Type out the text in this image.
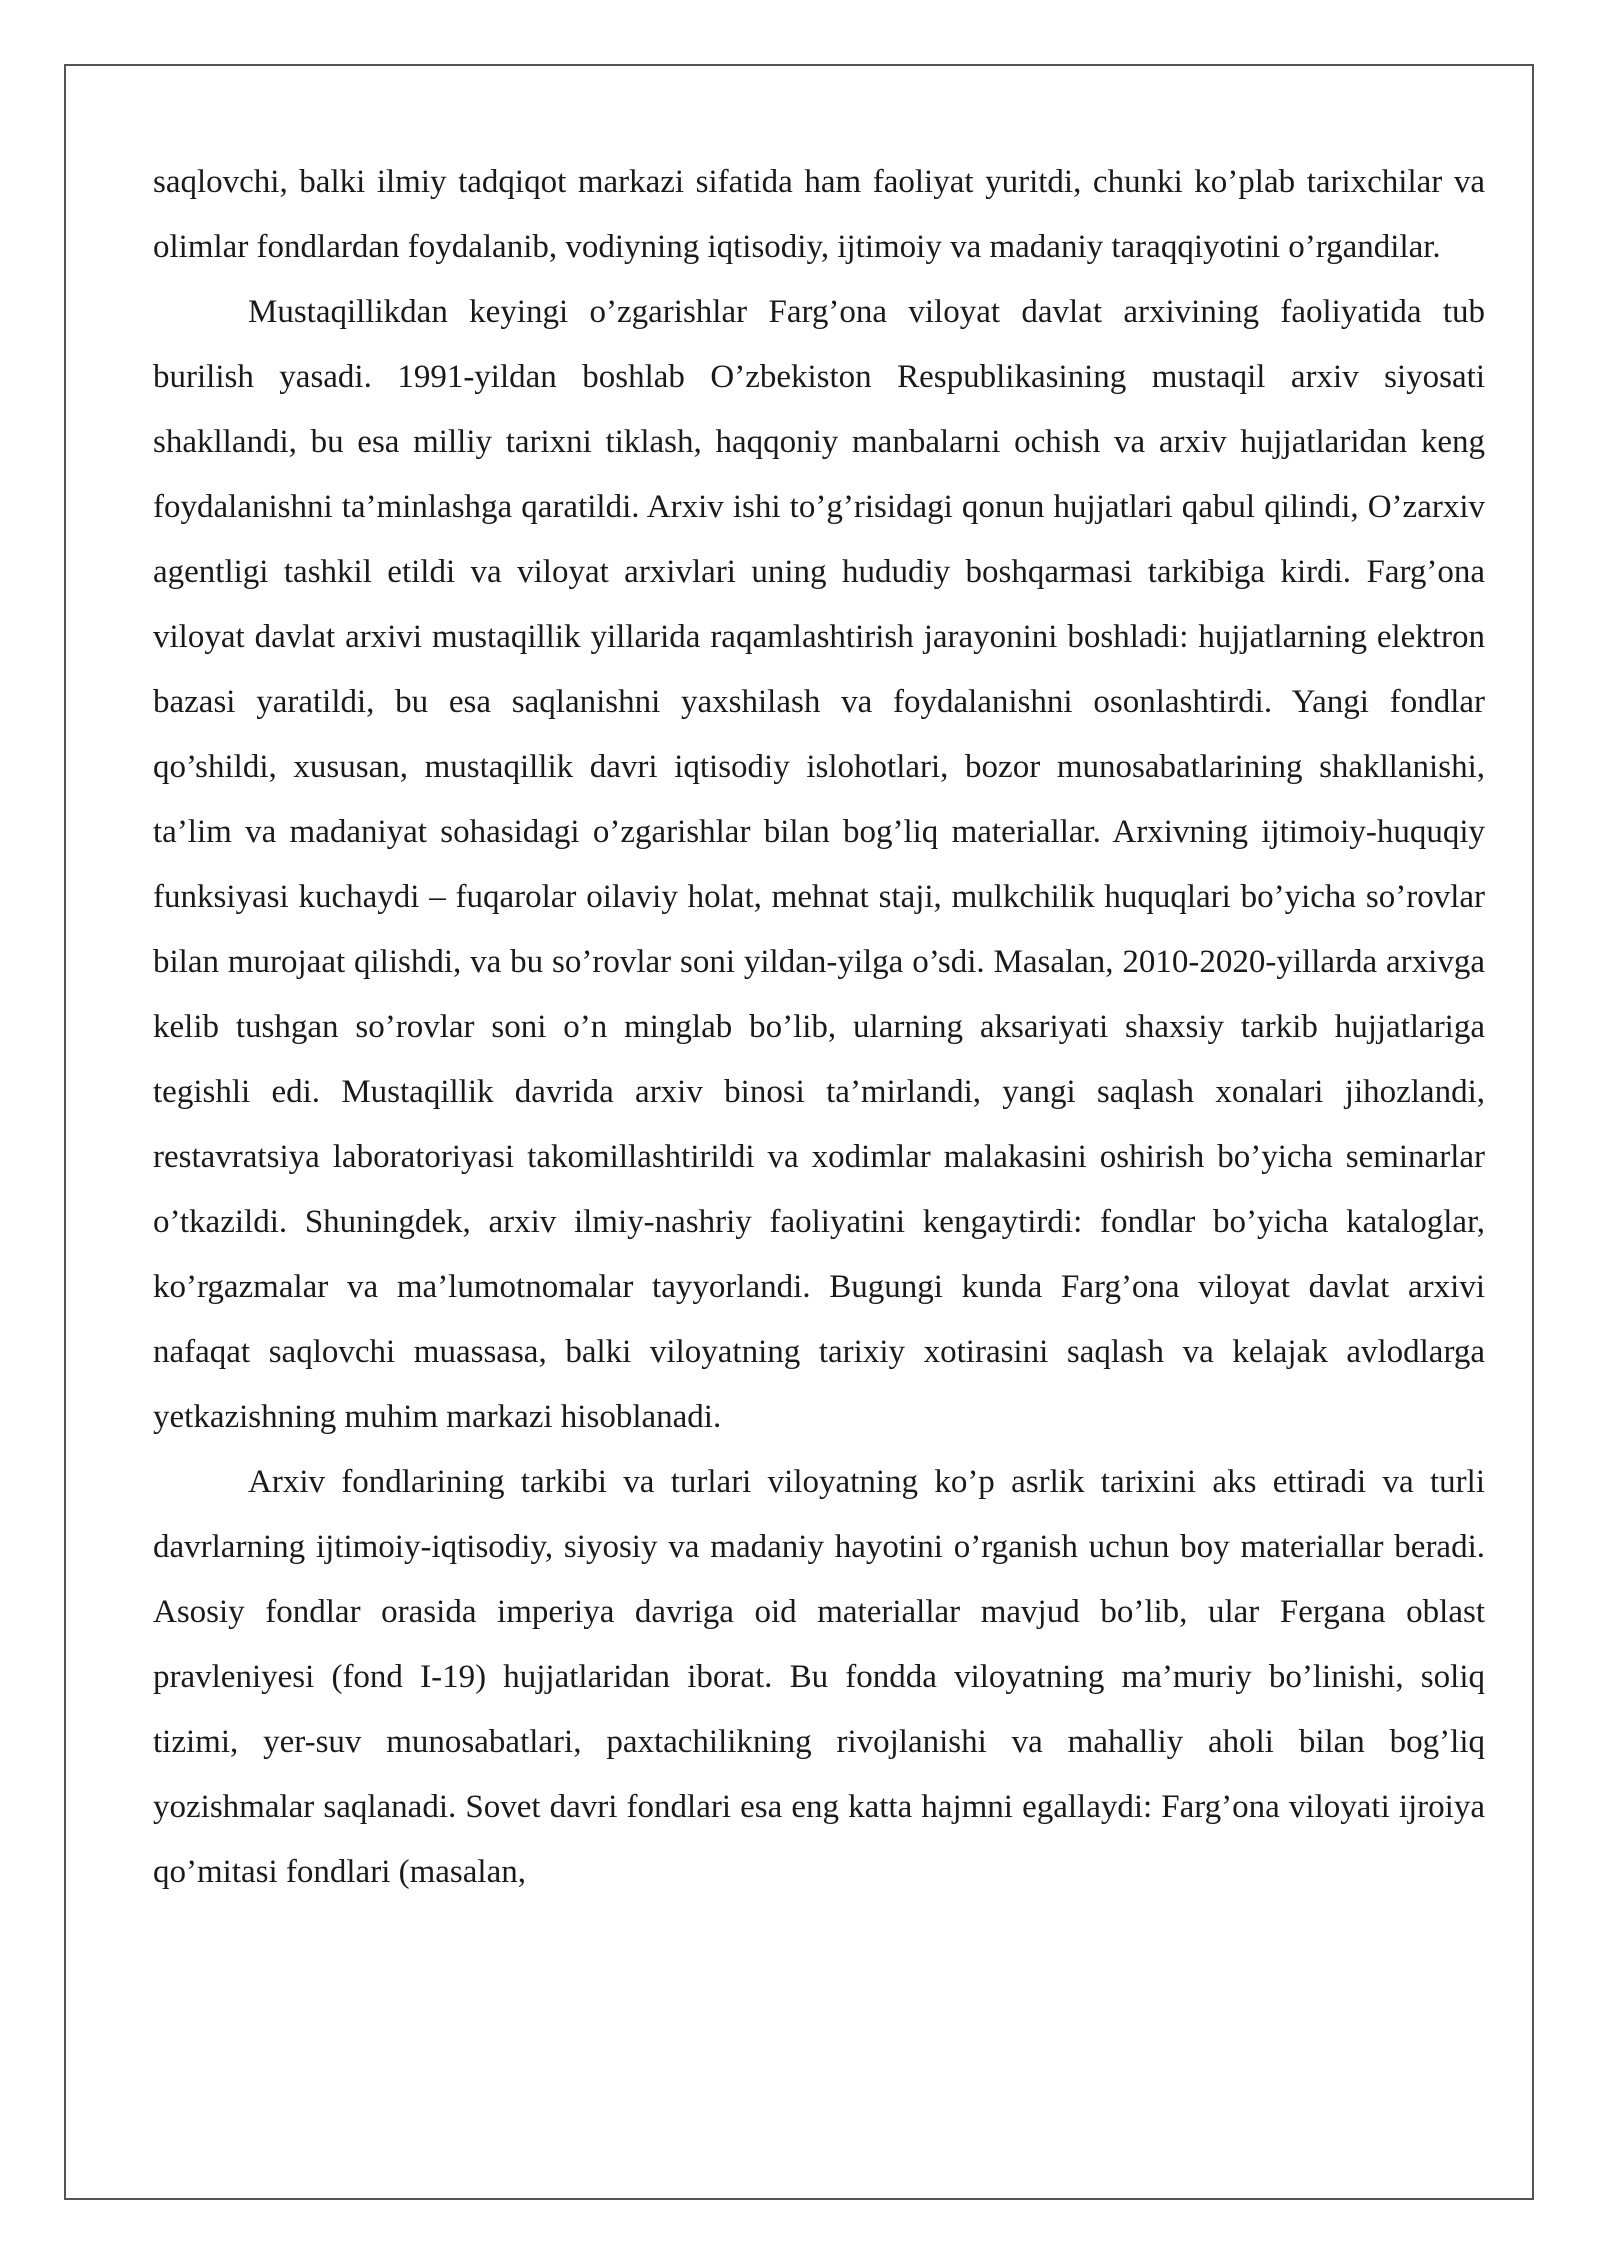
saqlovchi, balki ilmiy tadqiqot markazi sifatida ham faoliyat yuritdi, chunki ko’plab tarixchilar va olimlar fondlardan foydalanib, vodiyning iqtisodiy, ijtimoiy va madaniy taraqqiyotini o’rgandilar.

Mustaqillikdan keyingi o’zgarishlar Farg’ona viloyat davlat arxivining faoliyatida tub burilish yasadi. 1991-yildan boshlab O’zbekiston Respublikasining mustaqil arxiv siyosati shakllandi, bu esa milliy tarixni tiklash, haqqoniy manbalarni ochish va arxiv hujjatlaridan keng foydalanishni ta’minlashga qaratildi. Arxiv ishi to’g’risidagi qonun hujjatlari qabul qilindi, O’zarxiv agentligi tashkil etildi va viloyat arxivlari uning hududiy boshqarmasi tarkibiga kirdi. Farg’ona viloyat davlat arxivi mustaqillik yillarida raqamlashtirish jarayonini boshladi: hujjatlarning elektron bazasi yaratildi, bu esa saqlanishni yaxshilash va foydalanishni osonlashtirdi. Yangi fondlar qo’shildi, xususan, mustaqillik davri iqtisodiy islohotlari, bozor munosabatlarining shakllanishi, ta’lim va madaniyat sohasidagi o’zgarishlar bilan bog’liq materiallar. Arxivning ijtimoiy-huquqiy funksiyasi kuchaydi – fuqarolar oilaviy holat, mehnat staji, mulkchilik huquqlari bo’yicha so’rovlar bilan murojaat qilishdi, va bu so’rovlar soni yildan-yilga o’sdi. Masalan, 2010-2020-yillarda arxivga kelib tushgan so’rovlar soni o’n minglab bo’lib, ularning aksariyati shaxsiy tarkib hujjatlariga tegishli edi. Mustaqillik davrida arxiv binosi ta’mirlandi, yangi saqlash xonalari jihozlandi, restavratsiya laboratoriyasi takomillashtirildi va xodimlar malakasini oshirish bo’yicha seminarlar o’tkazildi. Shuningdek, arxiv ilmiy-nashriy faoliyatini kengaytirdi: fondlar bo’yicha kataloglar, ko’rgazmalar va ma’lumotnomalar tayyorlandi. Bugungi kunda Farg’ona viloyat davlat arxivi nafaqat saqlovchi muassasa, balki viloyatning tarixiy xotirasini saqlash va kelajak avlodlarga yetkazishning muhim markazi hisoblanadi.

Arxiv fondlarining tarkibi va turlari viloyatning ko’p asrlik tarixini aks ettiradi va turli davrlarning ijtimoiy-iqtisodiy, siyosiy va madaniy hayotini o’rganish uchun boy materiallar beradi. Asosiy fondlar orasida imperiya davriga oid materiallar mavjud bo’lib, ular Fergana oblast pravleniyesi (fond I-19) hujjatlaridan iborat. Bu fondda viloyatning ma’muriy bo’linishi, soliq tizimi, yer-suv munosabatlari, paxtachilikning rivojlanishi va mahalliy aholi bilan bog’liq yozishmalar saqlanadi. Sovet davri fondlari esa eng katta hajmni egallaydi: Farg’ona viloyati ijroiya qo’mitasi fondlari (masalan,
